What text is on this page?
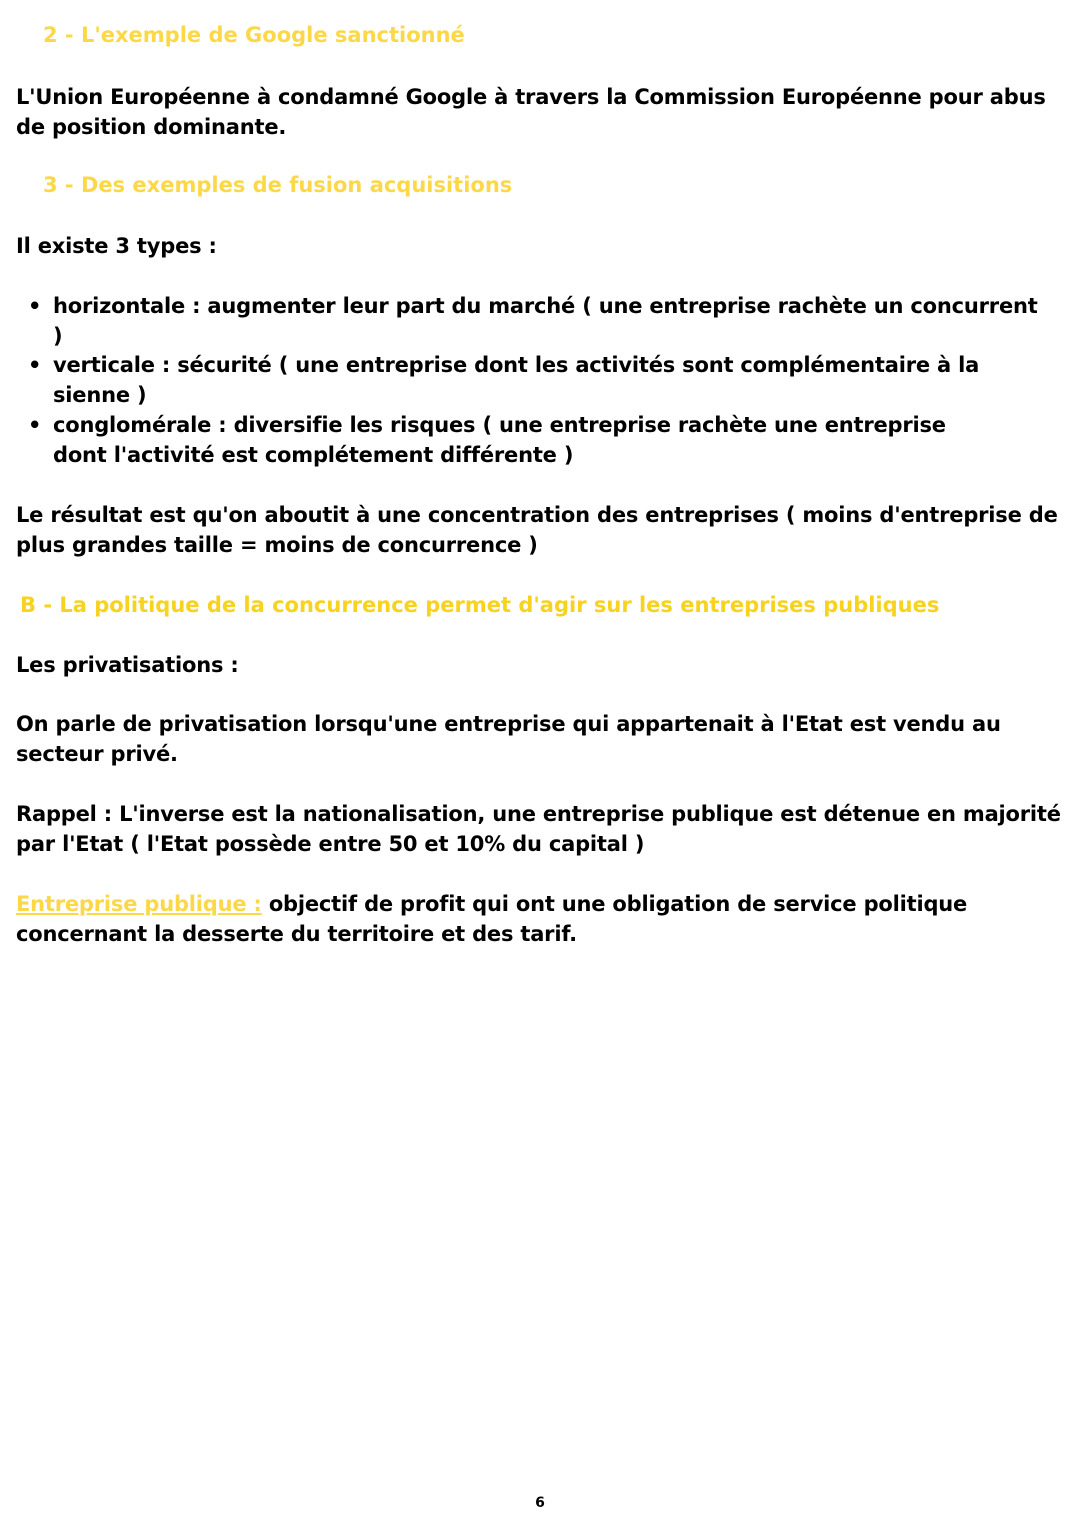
2 - L'exemple de Google sanctionné
L'Union Européenne à condamné Google à travers la Commission Européenne pour abus de position dominante.
3 - Des exemples de fusion acquisitions
Il existe 3 types :
• horizontale : augmenter leur part du marché ( une entreprise rachète un concurrent )
• verticale : sécurité ( une entreprise dont les activités sont complémentaire à la sienne )
• conglomérale : diversifie les risques ( une entreprise rachète une entreprise dont l'activité est complétement différente )
Le résultat est qu'on aboutit à une concentration des entreprises ( moins d'entreprise de plus grandes taille = moins de concurrence )
B - La politique de la concurrence permet d'agir sur les entreprises publiques
Les privatisations :
On parle de privatisation lorsqu'une entreprise qui appartenait à l'Etat est vendu au secteur privé.
Rappel : L'inverse est la nationalisation, une entreprise publique est détenue en majorité par l'Etat ( l'Etat possède entre 50 et 10% du capital )
Entreprise publique : objectif de profit qui ont une obligation de service politique concernant la desserte du territoire et des tarif.
6
